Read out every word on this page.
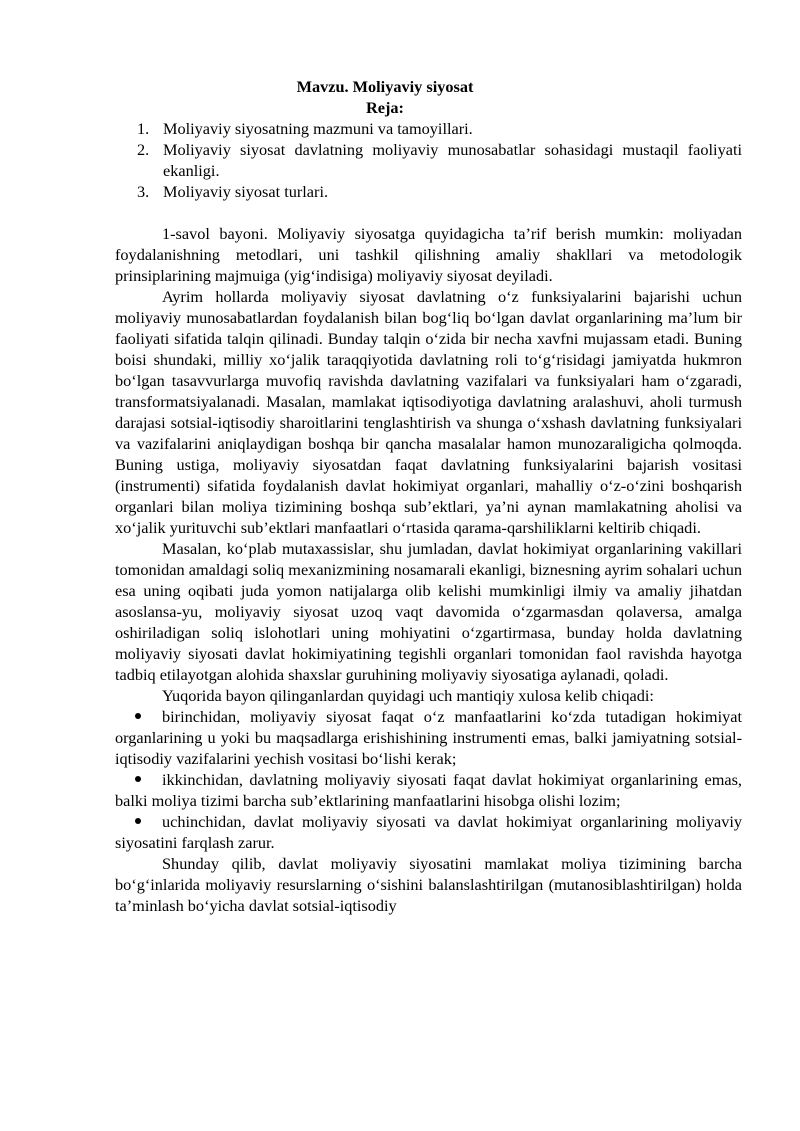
Mavzu. Moliyaviy siyosat
Reja:
1. Moliyaviy siyosatning mazmuni va tamoyillari.
2. Moliyaviy siyosat davlatning moliyaviy munosabatlar sohasidagi mustaqil faoliyati ekanligi.
3. Moliyaviy siyosat turlari.

1-savol bayoni. Moliyaviy siyosatga quyidagicha ta’rif berish mumkin: moliyadan foydalanishning metodlari, uni tashkil qilishning amaliy shakllari va metodologik prinsiplarining majmuiga (yig‘indisiga) moliyaviy siyosat deyiladi.

Ayrim hollarda moliyaviy siyosat davlatning o‘z funksiyalarini bajarishi uchun moliyaviy munosabatlardan foydalanish bilan bog‘liq bo‘lgan davlat organlarining ma’lum bir faoliyati sifatida talqin qilinadi. Bunday talqin o‘zida bir necha xavfni mujassam etadi. Buning boisi shundaki, milliy xo‘jalik taraqqiyotida davlatning roli to‘g‘risidagi jamiyatda hukmron bo‘lgan tasavvurlarga muvofiq ravishda davlatning vazifalari va funksiyalari ham o‘zgaradi, transformatsiyalanadi. Masalan, mamlakat iqtisodiyotiga davlatning aralashuvi, aholi turmush darajasi sotsial-iqtisodiy sharoitlarini tenglashtirish va shunga o‘xshash davlatning funksiyalari va vazifalarini aniqlaydigan boshqa bir qancha masalalar hamon munozaraligicha qolmoqda. Buning ustiga, moliyaviy siyosatdan faqat davlatning funksiyalarini bajarish vositasi (instrumenti) sifatida foydalanish davlat hokimiyat organlari, mahalliy o‘z-o‘zini boshqarish organlari bilan moliya tizimining boshqa sub’ektlari, ya’ni aynan mamlakatning aholisi va xo‘jalik yurituvchi sub’ektlari manfaatlari o‘rtasida qarama-qarshiliklarni keltirib chiqadi.

Masalan, ko‘plab mutaxassislar, shu jumladan, davlat hokimiyat organlarining vakillari tomonidan amaldagi soliq mexanizmining nosamarali ekanligi, biznesning ayrim sohalari uchun esa uning oqibati juda yomon natijalarga olib kelishi mumkinligi ilmiy va amaliy jihatdan asoslansa-yu, moliyaviy siyosat uzoq vaqt davomida o‘zgarmasdan qolaversa, amalga oshiriladigan soliq islohotlari uning mohiyatini o‘zgartirmasa, bunday holda davlatning moliyaviy siyosati davlat hokimiyatining tegishli organlari tomonidan faol ravishda hayotga tadbiq etilayotgan alohida shaxslar guruhining moliyaviy siyosatiga aylanadi, qoladi.

Yuqorida bayon qilinganlardan quyidagi uch mantiqiy xulosa kelib chiqadi:

birinchidan, moliyaviy siyosat faqat o‘z manfaatlarini ko‘zda tutadigan hokimiyat organlarining u yoki bu maqsadlarga erishishining instrumenti emas, balki jamiyatning sotsial-iqtisodiy vazifalarini yechish vositasi bo‘lishi kerak;
ikkinchidan, davlatning moliyaviy siyosati faqat davlat hokimiyat organlarining emas, balki moliya tizimi barcha sub’ektlarining manfaatlarini hisobga olishi lozim;
uchinchidan, davlat moliyaviy siyosati va davlat hokimiyat organlarining moliyaviy siyosatini farqlash zarur.

Shunday qilib, davlat moliyaviy siyosatini mamlakat moliya tizimining barcha bo‘g‘inlarida moliyaviy resurslarning o‘sishini balanslashtirilgan (mutanosiblashtirilgan) holda ta’minlash bo‘yicha davlat sotsial-iqtisodiy
